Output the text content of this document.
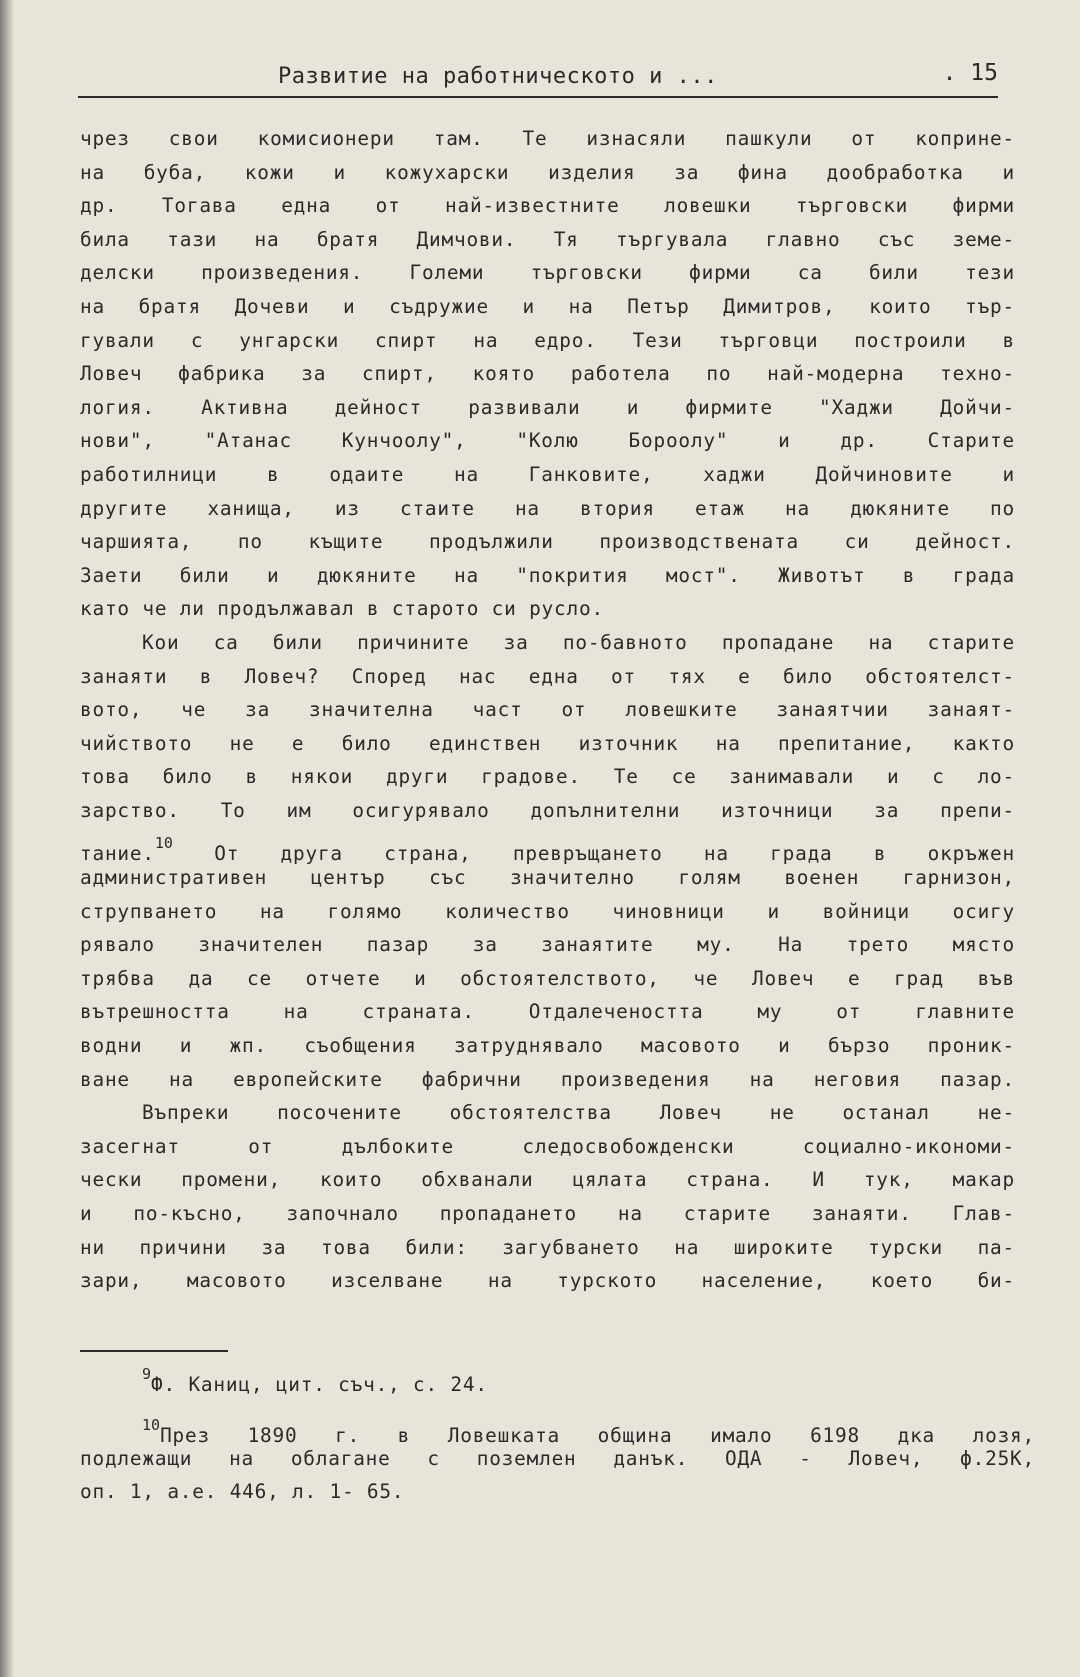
Развитие на работническото и ...	. 15
чрез свои комисионери там. Те изнасяли пашкули от коприне-
на буба, кожи и кожухарски изделия за фина дообработка и
др. Тогава една от най-известните ловешки търговски фирми
била тази на братя Димчови. Тя търгувала главно със земе-
делски произведения. Големи търговски фирми са били тези
на братя Дочеви и съдружие и на Петър Димитров, които тър-
гували с унгарски спирт на едро. Тези търговци построили в
Ловеч фабрика за спирт, която работела по най-модерна техно-
логия. Активна дейност развивали и фирмите "Хаджи Дойчи-
нови", "Атанас Кунчоолу", "Колю Бороолу" и др. Старите
работилници в одаите на Ганковите, хаджи Дойчиновите и
другите ханища, из стаите на втория етаж на дюкяните по
чаршията, по къщите продължили производствената си дейност.
Заети били и дюкяните на "покрития мост". Животът в града
като че ли продължавал в старото си русло.
Кои са били причините за по-бавното пропадане на старите
занаяти в Ловеч? Според нас една от тях е било обстоятелст-
вото, че за значителна част от ловешките занаятчии занаят-
чийството не е било единствен източник на препитание, както
това било в някои други градове. Те се занимавали и с ло-
зарство. То им осигурявало допълнителни източници за препи-
тание.$^{10}$ От друга страна, превръщането на града в окръжен
административен център със значително голям военен гарнизон,
струпването на голямо количество чиновници и войници осигу
рявало значителен пазар за занаятите му. На трето място
трябва да се отчете и обстоятелството, че Ловеч е град във
вътрешността на страната. Отдалечеността му от главните
водни и жп. съобщения затруднявало масовото и бързо проник-
ване на европейските фабрични произведения на неговия пазар.
Въпреки посочените обстоятелства Ловеч не останал не-
засегнат от дълбоките следосвобожденски социално-икономи-
чески промени, които обхванали цялата страна. И тук, макар
и по-късно, започнало пропадането на старите занаяти. Глав-
ни причини за това били: загубването на широките турски па-
зари, масовото изселване на турското население, което би-
$^9$Ф. Каниц, цит. съч., с. 24.
$^{10}$През 1890 г. в Ловешката община имало 6198 дка лозя,
подлежащи на облагане с поземлен данък. ОДА - Ловеч, ф.25К,
оп. 1, а.е. 446, л. 1- 65.
